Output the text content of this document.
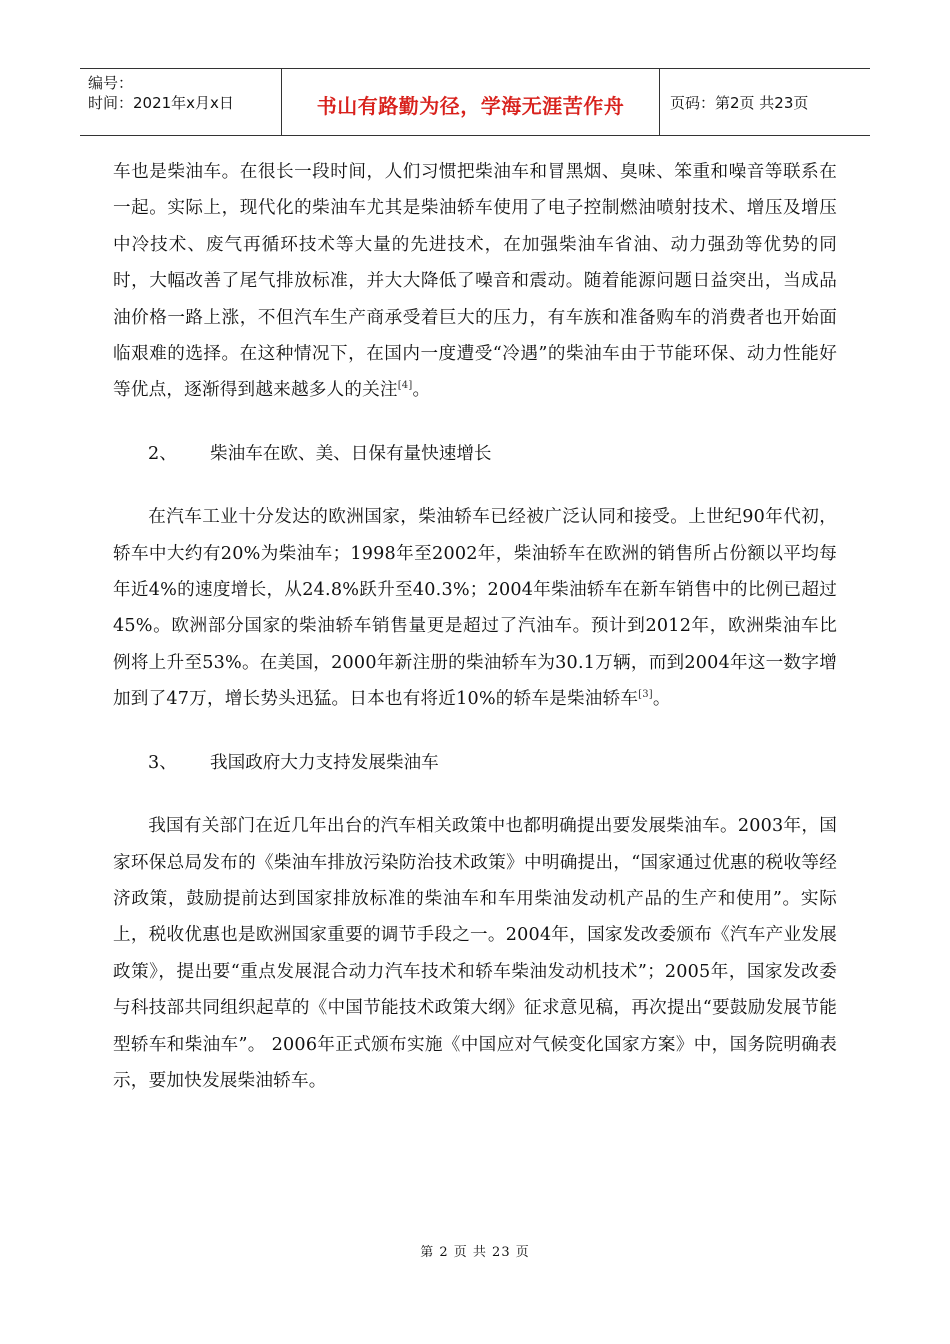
编号：
时间：2021年x月x日	书山有路勤为径，学海无涯苦作舟	页码：第2页 共23页

车也是柴油车。在很长一段时间，人们习惯把柴油车和冒黑烟、臭味、笨重和噪音等联系在一起。实际上，现代化的柴油车尤其是柴油轿车使用了电子控制燃油喷射技术、增压及增压中冷技术、废气再循环技术等大量的先进技术，在加强柴油车省油、动力强劲等优势的同时，大幅改善了尾气排放标准，并大大降低了噪音和震动。随着能源问题日益突出，当成品油价格一路上涨，不但汽车生产商承受着巨大的压力，有车族和准备购车的消费者也开始面临艰难的选择。在这种情况下，在国内一度遭受“冷遇”的柴油车由于节能环保、动力性能好等优点，逐渐得到越来越多人的关注[4]。

2、 柴油车在欧、美、日保有量快速增长

在汽车工业十分发达的欧洲国家，柴油轿车已经被广泛认同和接受。上世纪90年代初，轿车中大约有20%为柴油车；1998年至2002年，柴油轿车在欧洲的销售所占份额以平均每年近4%的速度增长，从24.8%跃升至40.3%；2004年柴油轿车在新车销售中的比例已超过45%。欧洲部分国家的柴油轿车销售量更是超过了汽油车。预计到2012年，欧洲柴油车比例将上升至53%。在美国，2000年新注册的柴油轿车为30.1万辆，而到2004年这一数字增加到了47万，增长势头迅猛。日本也有将近10%的轿车是柴油轿车[3]。

3、 我国政府大力支持发展柴油车

我国有关部门在近几年出台的汽车相关政策中也都明确提出要发展柴油车。2003年，国家环保总局发布的《柴油车排放污染防治技术政策》中明确提出，“国家通过优惠的税收等经济政策，鼓励提前达到国家排放标准的柴油车和车用柴油发动机产品的生产和使用”。实际上，税收优惠也是欧洲国家重要的调节手段之一。2004年，国家发改委颁布《汽车产业发展政策》，提出要“重点发展混合动力汽车技术和轿车柴油发动机技术”；2005年，国家发改委与科技部共同组织起草的《中国节能技术政策大纲》征求意见稿，再次提出“要鼓励发展节能型轿车和柴油车”。 2006年正式颁布实施《中国应对气候变化国家方案》中，国务院明确表示，要加快发展柴油轿车。

第 2 页 共 23 页
